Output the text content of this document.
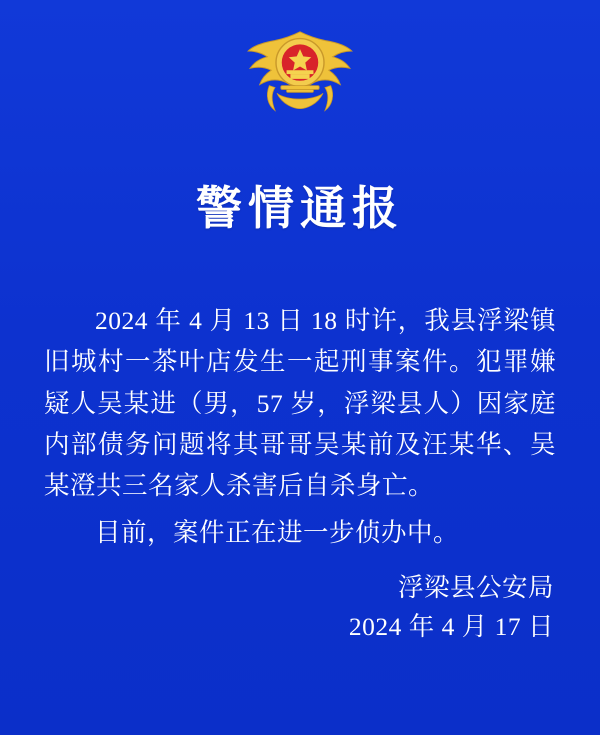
警情通报

2024 年 4 月 13 日 18 时许，我县浮梁镇旧城村一茶叶店发生一起刑事案件。犯罪嫌疑人吴某进（男，57 岁，浮梁县人）因家庭内部债务问题将其哥哥吴某前及汪某华、吴某澄共三名家人杀害后自杀身亡。

目前，案件正在进一步侦办中。

浮梁县公安局
2024 年 4 月 17 日
